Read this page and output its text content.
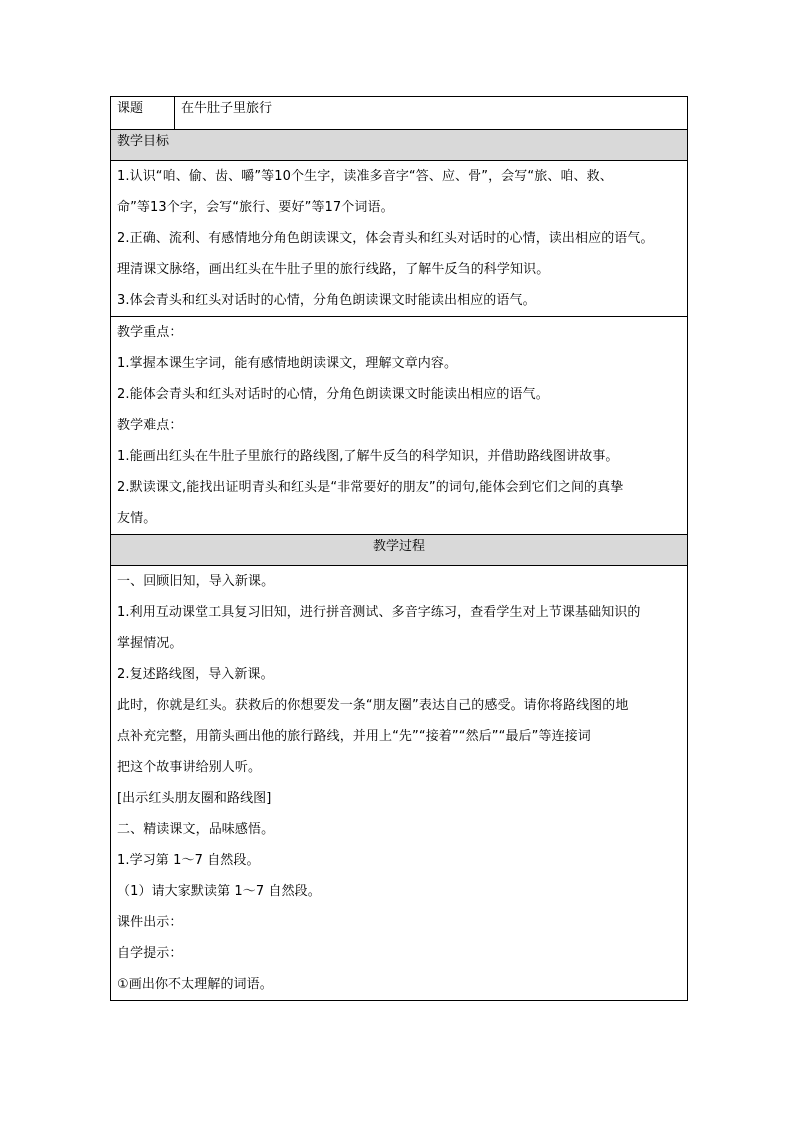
课题	在牛肚子里旅行
教学目标

1.认识“咱、偷、齿、嚼”等10个生字，读准多音字“答、应、骨”，会写“旅、咱、救、

命”等13个字，会写“旅行、要好”等17个词语。

2.正确、流利、有感情地分角色朗读课文，体会青头和红头对话时的心情，读出相应的语气。

理清课文脉络，画出红头在牛肚子里的旅行线路，了解牛反刍的科学知识。

3.体会青头和红头对话时的心情，分角色朗读课文时能读出相应的语气。

教学重点：

1.掌握本课生字词，能有感情地朗读课文，理解文章内容。

2.能体会青头和红头对话时的心情，分角色朗读课文时能读出相应的语气。

教学难点：

1.能画出红头在牛肚子里旅行的路线图,了解牛反刍的科学知识，并借助路线图讲故事。

2.默读课文,能找出证明青头和红头是“非常要好的朋友”的词句,能体会到它们之间的真挚

友情。

教学过程

一、回顾旧知，导入新课。

1.利用互动课堂工具复习旧知，进行拼音测试、多音字练习，查看学生对上节课基础知识的

掌握情况。

2.复述路线图，导入新课。

此时，你就是红头。获救后的你想要发一条“朋友圈”表达自己的感受。请你将路线图的地

点补充完整，用箭头画出他的旅行路线，并用上“先”“接着”“然后”“最后”等连接词

把这个故事讲给别人听。

[出示红头朋友圈和路线图]

二、精读课文，品味感悟。

1.学习第 1～7 自然段。

（1）请大家默读第 1～7 自然段。

课件出示：

自学提示：

①画出你不太理解的词语。
